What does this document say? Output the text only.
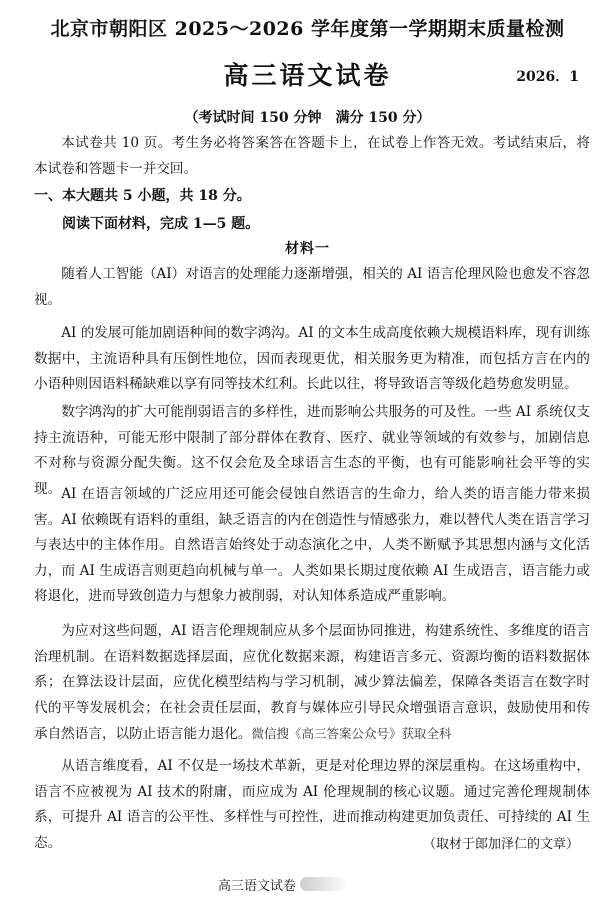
北京市朝阳区 2025～2026 学年度第一学期期末质量检测
高三语文试卷	2026．1
（考试时间 150 分钟　满分 150 分）
本试卷共 10 页。考生务必将答案答在答题卡上，在试卷上作答无效。考试结束后，将本试卷和答题卡一并交回。
一、本大题共 5 小题，共 18 分。
阅读下面材料，完成 1—5 题。
材料一
随着人工智能（AI）对语言的处理能力逐渐增强，相关的 AI 语言伦理风险也愈发不容忽视。
AI 的发展可能加剧语种间的数字鸿沟。AI 的文本生成高度依赖大规模语料库，现有训练数据中，主流语种具有压倒性地位，因而表现更优，相关服务更为精准，而包括方言在内的小语种则因语料稀缺难以享有同等技术红利。长此以往，将导致语言等级化趋势愈发明显。
数字鸿沟的扩大可能削弱语言的多样性，进而影响公共服务的可及性。一些 AI 系统仅支持主流语种，可能无形中限制了部分群体在教育、医疗、就业等领域的有效参与，加剧信息不对称与资源分配失衡。这不仅会危及全球语言生态的平衡，也有可能影响社会平等的实现。 AI 在语言领域的广泛应用还可能会侵蚀自然语言的生命力，给人类的语言能力带来损害。AI 依赖既有语料的重组，缺乏语言的内在创造性与情感张力，难以替代人类在语言学习与表达中的主体作用。自然语言始终处于动态演化之中，人类不断赋予其思想内涵与文化活力，而 AI 生成语言则更趋向机械与单一。人类如果长期过度依赖 AI 生成语言，语言能力或将退化，进而导致创造力与想象力被削弱，对认知体系造成严重影响。
为应对这些问题，AI 语言伦理规制应从多个层面协同推进，构建系统性、多维度的语言治理机制。在语料数据选择层面，应优化数据来源，构建语言多元、资源均衡的语料数据体系；在算法设计层面，应优化模型结构与学习机制，减少算法偏差，保障各类语言在数字时代的平等发展机会；在社会责任层面，教育与媒体应引导民众增强语言意识，鼓励使用和传承自然语言，以防止语言能力退化。微信搜《高三答案公众号》获取全科
从语言维度看，AI 不仅是一场技术革新，更是对伦理边界的深层重构。在这场重构中，语言不应被视为 AI 技术的附庸，而应成为 AI 伦理规制的核心议题。通过完善伦理规制体系，可提升 AI 语言的公平性、多样性与可控性，进而推动构建更加负责任、可持续的 AI 生态。	（取材于郎加泽仁的文章）
高三语文试卷
